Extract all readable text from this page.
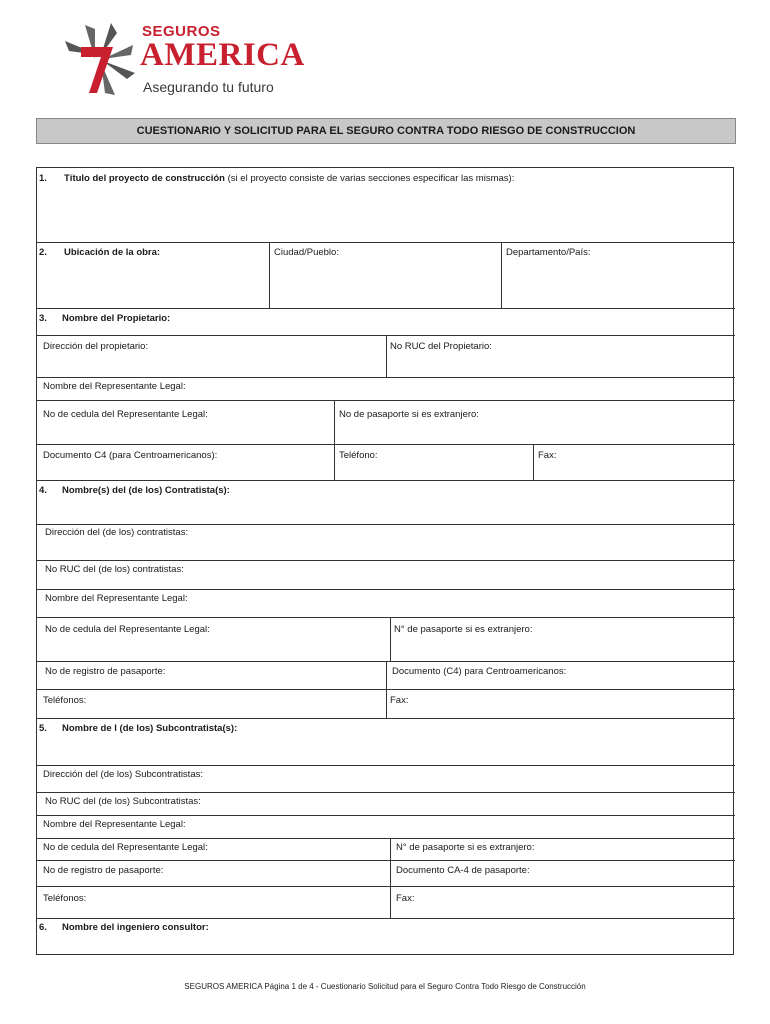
SEGUROS
AMERICA
Asegurando tu futuro
CUESTIONARIO Y SOLICITUD PARA EL SEGURO CONTRA TODO RIESGO DE CONSTRUCCION
1. Título del proyecto de construcción (si el proyecto consiste de varias secciones especificar las mismas):
2. Ubicación de la obra:	Ciudad/Pueblo:	Departamento/País:
3. Nombre del Propietario:
Dirección del propietario:	No RUC del Propietario:
Nombre del Representante Legal:
No de cedula del Representante Legal:	No de pasaporte si es extranjero:
Documento C4 (para Centroamericanos):	Teléfono:	Fax:
4. Nombre(s) del (de los) Contratista(s):
Dirección del (de los) contratistas:
No RUC del (de los) contratistas:
Nombre del Representante Legal:
No de cedula del Representante Legal:	N° de pasaporte si es extranjero:
No de registro de pasaporte:	Documento (C4) para Centroamericanos:
Teléfonos:	Fax:
5. Nombre de l (de los) Subcontratista(s):
Dirección del (de los) Subcontratistas:
No RUC del (de los) Subcontratistas:
Nombre del Representante Legal:
No de cedula del Representante Legal:	N° de pasaporte si es extranjero:
No de registro de pasaporte:	Documento CA-4 de pasaporte:
Teléfonos:	Fax:
6. Nombre del ingeniero consultor:
SEGUROS AMERICA Página 1 de 4 - Cuestionario Solicitud para el Seguro Contra Todo Riesgo de Construcción
